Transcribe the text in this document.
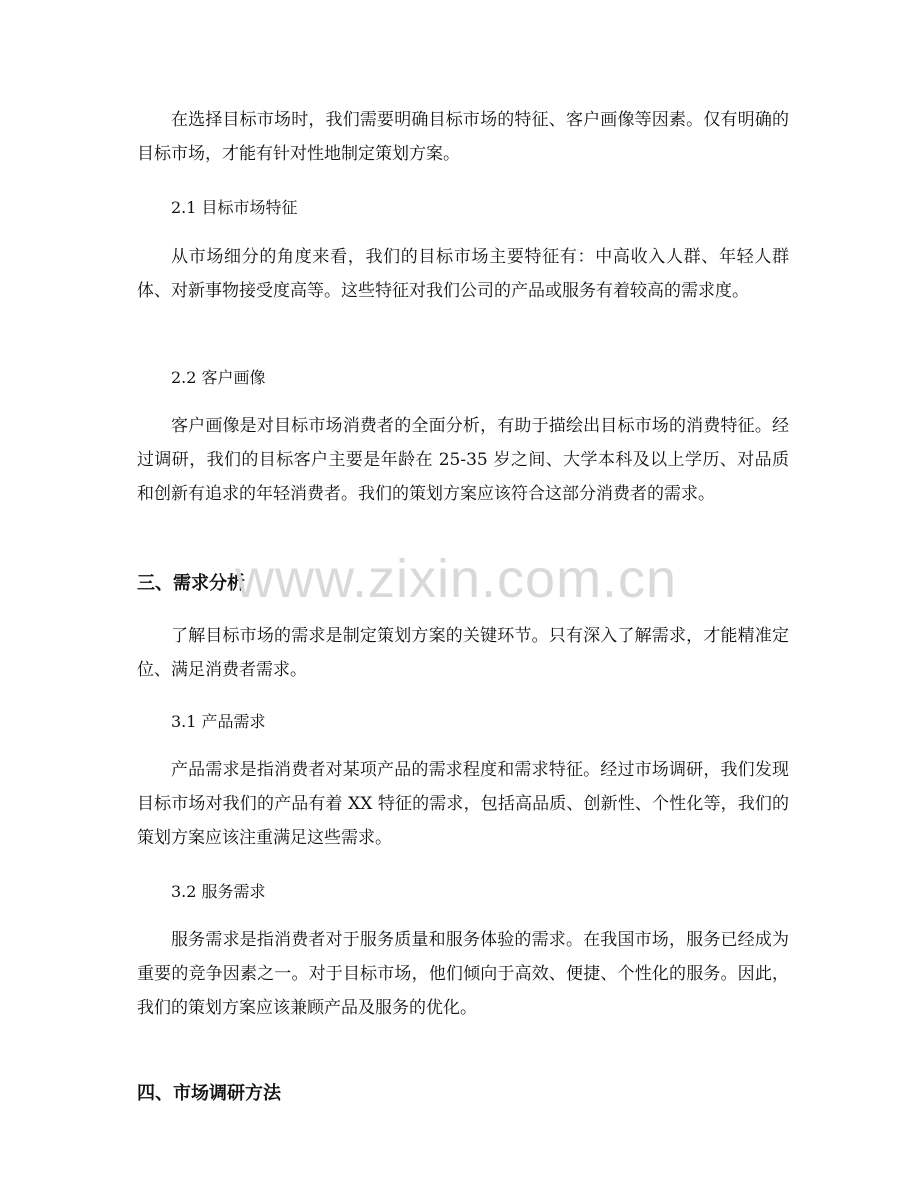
在选择目标市场时，我们需要明确目标市场的特征、客户画像等因素。仅有明确的目标市场，才能有针对性地制定策划方案。

2.1 目标市场特征

从市场细分的角度来看，我们的目标市场主要特征有：中高收入人群、年轻人群体、对新事物接受度高等。这些特征对我们公司的产品或服务有着较高的需求度。

2.2 客户画像

客户画像是对目标市场消费者的全面分析，有助于描绘出目标市场的消费特征。经过调研，我们的目标客户主要是年龄在 25-35 岁之间、大学本科及以上学历、对品质和创新有追求的年轻消费者。我们的策划方案应该符合这部分消费者的需求。

三、需求分析

了解目标市场的需求是制定策划方案的关键环节。只有深入了解需求，才能精准定位、满足消费者需求。

3.1 产品需求

产品需求是指消费者对某项产品的需求程度和需求特征。经过市场调研，我们发现目标市场对我们的产品有着 XX 特征的需求，包括高品质、创新性、个性化等，我们的策划方案应该注重满足这些需求。

3.2 服务需求

服务需求是指消费者对于服务质量和服务体验的需求。在我国市场，服务已经成为重要的竞争因素之一。对于目标市场，他们倾向于高效、便捷、个性化的服务。因此，我们的策划方案应该兼顾产品及服务的优化。

四、市场调研方法
www.zixin.com.cn
